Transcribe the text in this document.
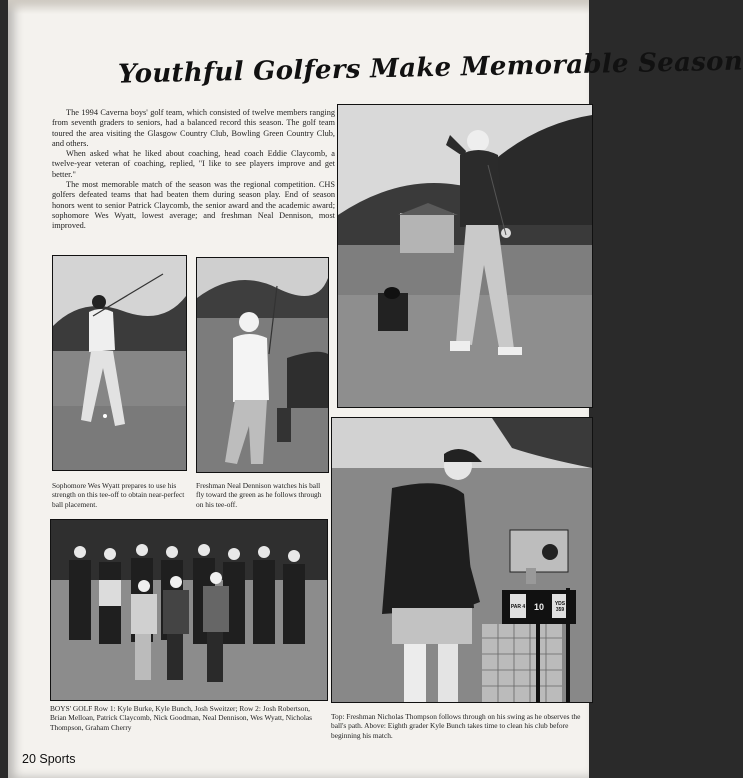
Youthful Golfers Make Memorable Season

The 1994 Caverna boys' golf team, which consisted of twelve members ranging from seventh graders to seniors, had a balanced record this season. The golf team toured the area visiting the Glasgow Country Club, Bowling Green Country Club, and others.

When asked what he liked about coaching, head coach Eddie Claycomb, a twelve-year veteran of coaching, replied, "I like to see players improve and get better."

The most memorable match of the season was the regional competition. CHS golfers defeated teams that had beaten them during season play. End of season honors went to senior Patrick Claycomb, the senior award and the academic award; sophomore Wes Wyatt, lowest average; and freshman Neal Dennison, most improved.

Sophomore Wes Wyatt prepares to use his strength on this tee-off to obtain near-perfect ball placement.
Freshman Neal Dennison watches his ball fly toward the green as he follows through on his tee-off.
BOYS' GOLF Row 1: Kyle Burke, Kyle Bunch, Josh Sweitzer; Row 2: Josh Robertson, Brian Melloan, Patrick Claycomb, Nick Goodman, Neal Dennison, Wes Wyatt, Nicholas Thompson, Graham Cherry
PAR 4 10	YDS 359
Top: Freshman Nicholas Thompson follows through on his swing as he observes the ball's path. Above: Eighth grader Kyle Bunch takes time to clean his club before beginning his match.
20 Sports
